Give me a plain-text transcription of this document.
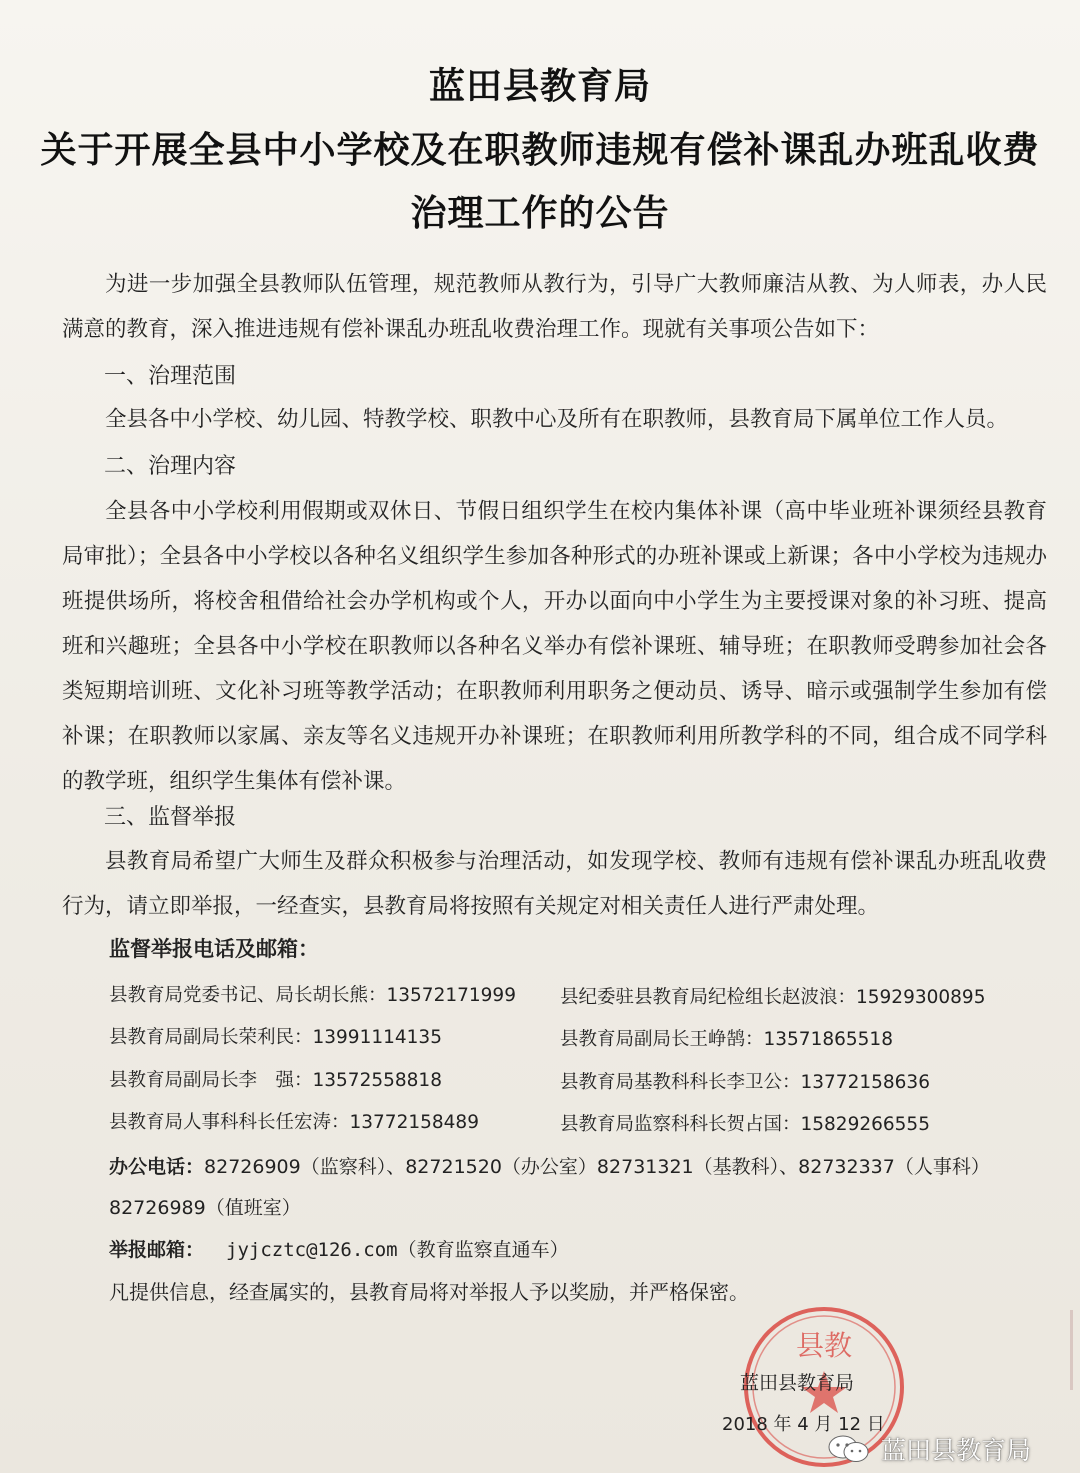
蓝田县教育局
关于开展全县中小学校及在职教师违规有偿补课乱办班乱收费
治理工作的公告
为进一步加强全县教师队伍管理，规范教师从教行为，引导广大教师廉洁从教、为人师表，办人民满意的教育，深入推进违规有偿补课乱办班乱收费治理工作。现就有关事项公告如下：
一、治理范围
全县各中小学校、幼儿园、特教学校、职教中心及所有在职教师，县教育局下属单位工作人员。
二、治理内容
全县各中小学校利用假期或双休日、节假日组织学生在校内集体补课（高中毕业班补课须经县教育局审批）；全县各中小学校以各种名义组织学生参加各种形式的办班补课或上新课；各中小学校为违规办班提供场所，将校舍租借给社会办学机构或个人，开办以面向中小学生为主要授课对象的补习班、提高班和兴趣班；全县各中小学校在职教师以各种名义举办有偿补课班、辅导班；在职教师受聘参加社会各类短期培训班、文化补习班等教学活动；在职教师利用职务之便动员、诱导、暗示或强制学生参加有偿补课；在职教师以家属、亲友等名义违规开办补课班；在职教师利用所教学科的不同，组合成不同学科的教学班，组织学生集体有偿补课。
三、监督举报
县教育局希望广大师生及群众积极参与治理活动，如发现学校、教师有违规有偿补课乱办班乱收费行为，请立即举报，一经查实，县教育局将按照有关规定对相关责任人进行严肃处理。
监督举报电话及邮箱：
县教育局党委书记、局长胡长熊：13572171999 县纪委驻县教育局纪检组长赵波浪：15929300895
县教育局副局长荣利民：13991114135	县教育局副局长王峥鹄：13571865518
县教育局副局长李　强：13572558818	县教育局基教科科长李卫公：13772158636
县教育局人事科科长任宏涛：13772158489	县教育局监察科科长贺占国：15829266555
办公电话：82726909（监察科）、82721520（办公室）82731321（基教科）、82732337（人事科）
82726989（值班室）
举报邮箱： jyjcztc@126.com（教育监察直通车）
凡提供信息，经查属实的，县教育局将对举报人予以奖励，并严格保密。
县教
蓝田县教育局
2018 年 4 月 12 日
蓝田县教育局
